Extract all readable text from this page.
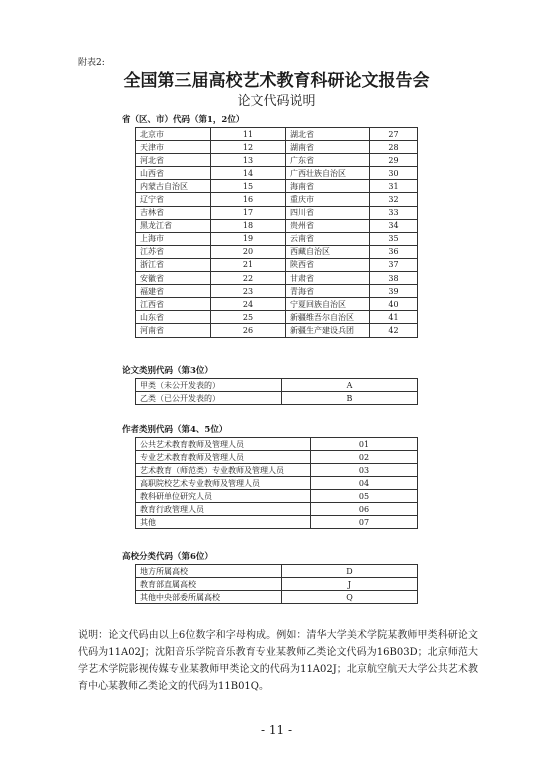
附表2:
全国第三届高校艺术教育科研论文报告会
论文代码说明
省（区、市）代码（第1，2位）
北京市	11	湖北省	27
天津市	12	湖南省	28
河北省	13	广东省	29
山西省	14	广西壮族自治区	30
内蒙古自治区	15	海南省	31
辽宁省	16	重庆市	32
吉林省	17	四川省	33
黑龙江省	18	贵州省	34
上海市	19	云南省	35
江苏省	20	西藏自治区	36
浙江省	21	陕西省	37
安徽省	22	甘肃省	38
福建省	23	青海省	39
江西省	24	宁夏回族自治区	40
山东省	25	新疆维吾尔自治区	41
河南省	26	新疆生产建设兵团	42
论文类别代码（第3位）
甲类（未公开发表的）	A
乙类（已公开发表的）	B
作者类别代码（第4、5位）
公共艺术教育教师及管理人员	01
专业艺术教育教师及管理人员	02
艺术教育（师范类）专业教师及管理人员	03
高职院校艺术专业教师及管理人员	04
教科研单位研究人员	05
教育行政管理人员	06
其他	07
高校分类代码（第6位）
地方所属高校	D
教育部直属高校	J
其他中央部委所属高校	Q
说明：论文代码由以上6位数字和字母构成。例如：清华大学美术学院某教师甲类科研论文代码为11A02J；沈阳音乐学院音乐教育专业某教师乙类论文代码为16B03D；北京师范大学艺术学院影视传媒专业某教师甲类论文的代码为11A02J；北京航空航天大学公共艺术教育中心某教师乙类论文的代码为11B01Q。
- 11 -
